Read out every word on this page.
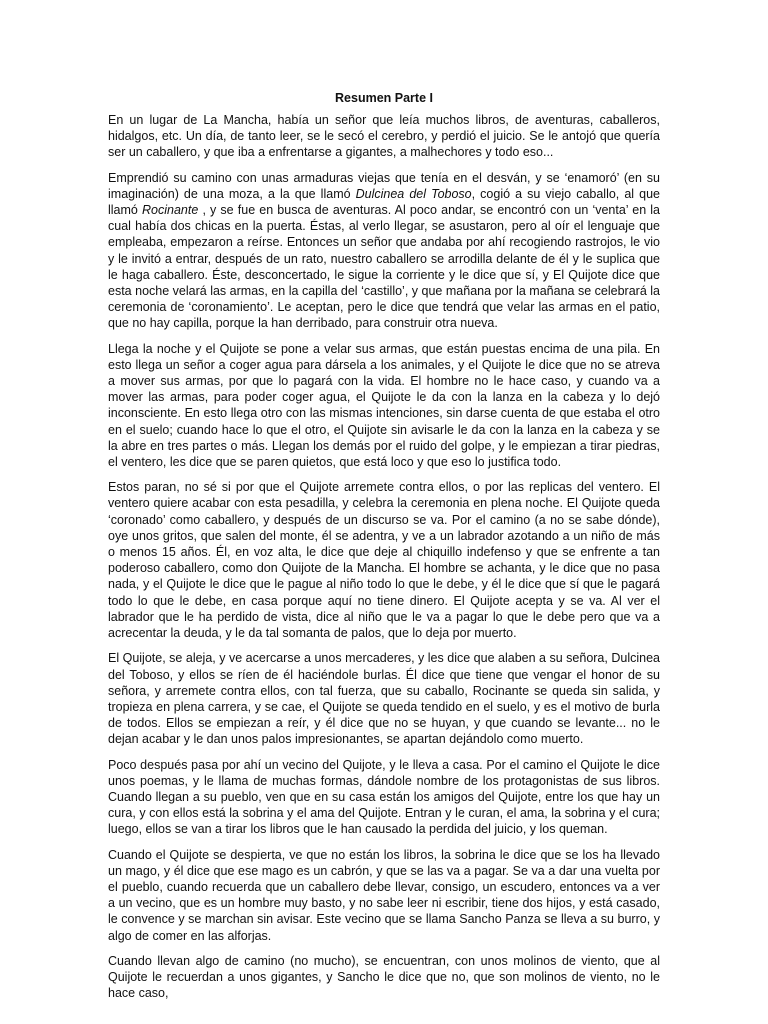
Resumen Parte I

En un lugar de La Mancha, había un señor que leía muchos libros, de aventuras, caballeros, hidalgos, etc. Un día, de tanto leer, se le secó el cerebro, y perdió el juicio. Se le antojó que quería ser un caballero, y que iba a enfrentarse a gigantes, a malhechores y todo eso...

Emprendió su camino con unas armaduras viejas que tenía en el desván, y se ‘enamoró’ (en su imaginación) de una moza, a la que llamó Dulcinea del Toboso, cogió a su viejo caballo, al que llamó Rocinante , y se fue en busca de aventuras. Al poco andar, se encontró con un ‘venta’ en la cual había dos chicas en la puerta. Éstas, al verlo llegar, se asustaron, pero al oír el lenguaje que empleaba, empezaron a reírse. Entonces un señor que andaba por ahí recogiendo rastrojos, le vio y le invitó a entrar, después de un rato, nuestro caballero se arrodilla delante de él y le suplica que le haga caballero. Éste, desconcertado, le sigue la corriente y le dice que sí, y El Quijote dice que esta noche velará las armas, en la capilla del ‘castillo’, y que mañana por la mañana se celebrará la ceremonia de ‘coronamiento’. Le aceptan, pero le dice que tendrá que velar las armas en el patio, que no hay capilla, porque la han derribado, para construir otra nueva.

Llega la noche y el Quijote se pone a velar sus armas, que están puestas encima de una pila. En esto llega un señor a coger agua para dársela a los animales, y el Quijote le dice que no se atreva a mover sus armas, por que lo pagará con la vida. El hombre no le hace caso, y cuando va a mover las armas, para poder coger agua, el Quijote le da con la lanza en la cabeza y lo dejó inconsciente. En esto llega otro con las mismas intenciones, sin darse cuenta de que estaba el otro en el suelo; cuando hace lo que el otro, el Quijote sin avisarle le da con la lanza en la cabeza y se la abre en tres partes o más. Llegan los demás por el ruido del golpe, y le empiezan a tirar piedras, el ventero, les dice que se paren quietos, que está loco y que eso lo justifica todo.

Estos paran, no sé si por que el Quijote arremete contra ellos, o por las replicas del ventero. El ventero quiere acabar con esta pesadilla, y celebra la ceremonia en plena noche. El Quijote queda ‘coronado’ como caballero, y después de un discurso se va. Por el camino (a no se sabe dónde), oye unos gritos, que salen del monte, él se adentra, y ve a un labrador azotando a un niño de más o menos 15 años. Él, en voz alta, le dice que deje al chiquillo indefenso y que se enfrente a tan poderoso caballero, como don Quijote de la Mancha. El hombre se achanta, y le dice que no pasa nada, y el Quijote le dice que le pague al niño todo lo que le debe, y él le dice que sí que le pagará todo lo que le debe, en casa porque aquí no tiene dinero. El Quijote acepta y se va. Al ver el labrador que le ha perdido de vista, dice al niño que le va a pagar lo que le debe pero que va a acrecentar la deuda, y le da tal somanta de palos, que lo deja por muerto.

El Quijote, se aleja, y ve acercarse a unos mercaderes, y les dice que alaben a su señora, Dulcinea del Toboso, y ellos se ríen de él haciéndole burlas. Él dice que tiene que vengar el honor de su señora, y arremete contra ellos, con tal fuerza, que su caballo, Rocinante se queda sin salida, y tropieza en plena carrera, y se cae, el Quijote se queda tendido en el suelo, y es el motivo de burla de todos. Ellos se empiezan a reír, y él dice que no se huyan, y que cuando se levante... no le dejan acabar y le dan unos palos impresionantes, se apartan dejándolo como muerto.

Poco después pasa por ahí un vecino del Quijote, y le lleva a casa. Por el camino el Quijote le dice unos poemas, y le llama de muchas formas, dándole nombre de los protagonistas de sus libros. Cuando llegan a su pueblo, ven que en su casa están los amigos del Quijote, entre los que hay un cura, y con ellos está la sobrina y el ama del Quijote. Entran y le curan, el ama, la sobrina y el cura; luego, ellos se van a tirar los libros que le han causado la perdida del juicio, y los queman.

Cuando el Quijote se despierta, ve que no están los libros, la sobrina le dice que se los ha llevado un mago, y él dice que ese mago es un cabrón, y que se las va a pagar. Se va a dar una vuelta por el pueblo, cuando recuerda que un caballero debe llevar, consigo, un escudero, entonces va a ver a un vecino, que es un hombre muy basto, y no sabe leer ni escribir, tiene dos hijos, y está casado, le convence y se marchan sin avisar. Este vecino que se llama Sancho Panza se lleva a su burro, y algo de comer en las alforjas.

Cuando llevan algo de camino (no mucho), se encuentran, con unos molinos de viento, que al Quijote le recuerdan a unos gigantes, y Sancho le dice que no, que son molinos de viento, no le hace caso,
